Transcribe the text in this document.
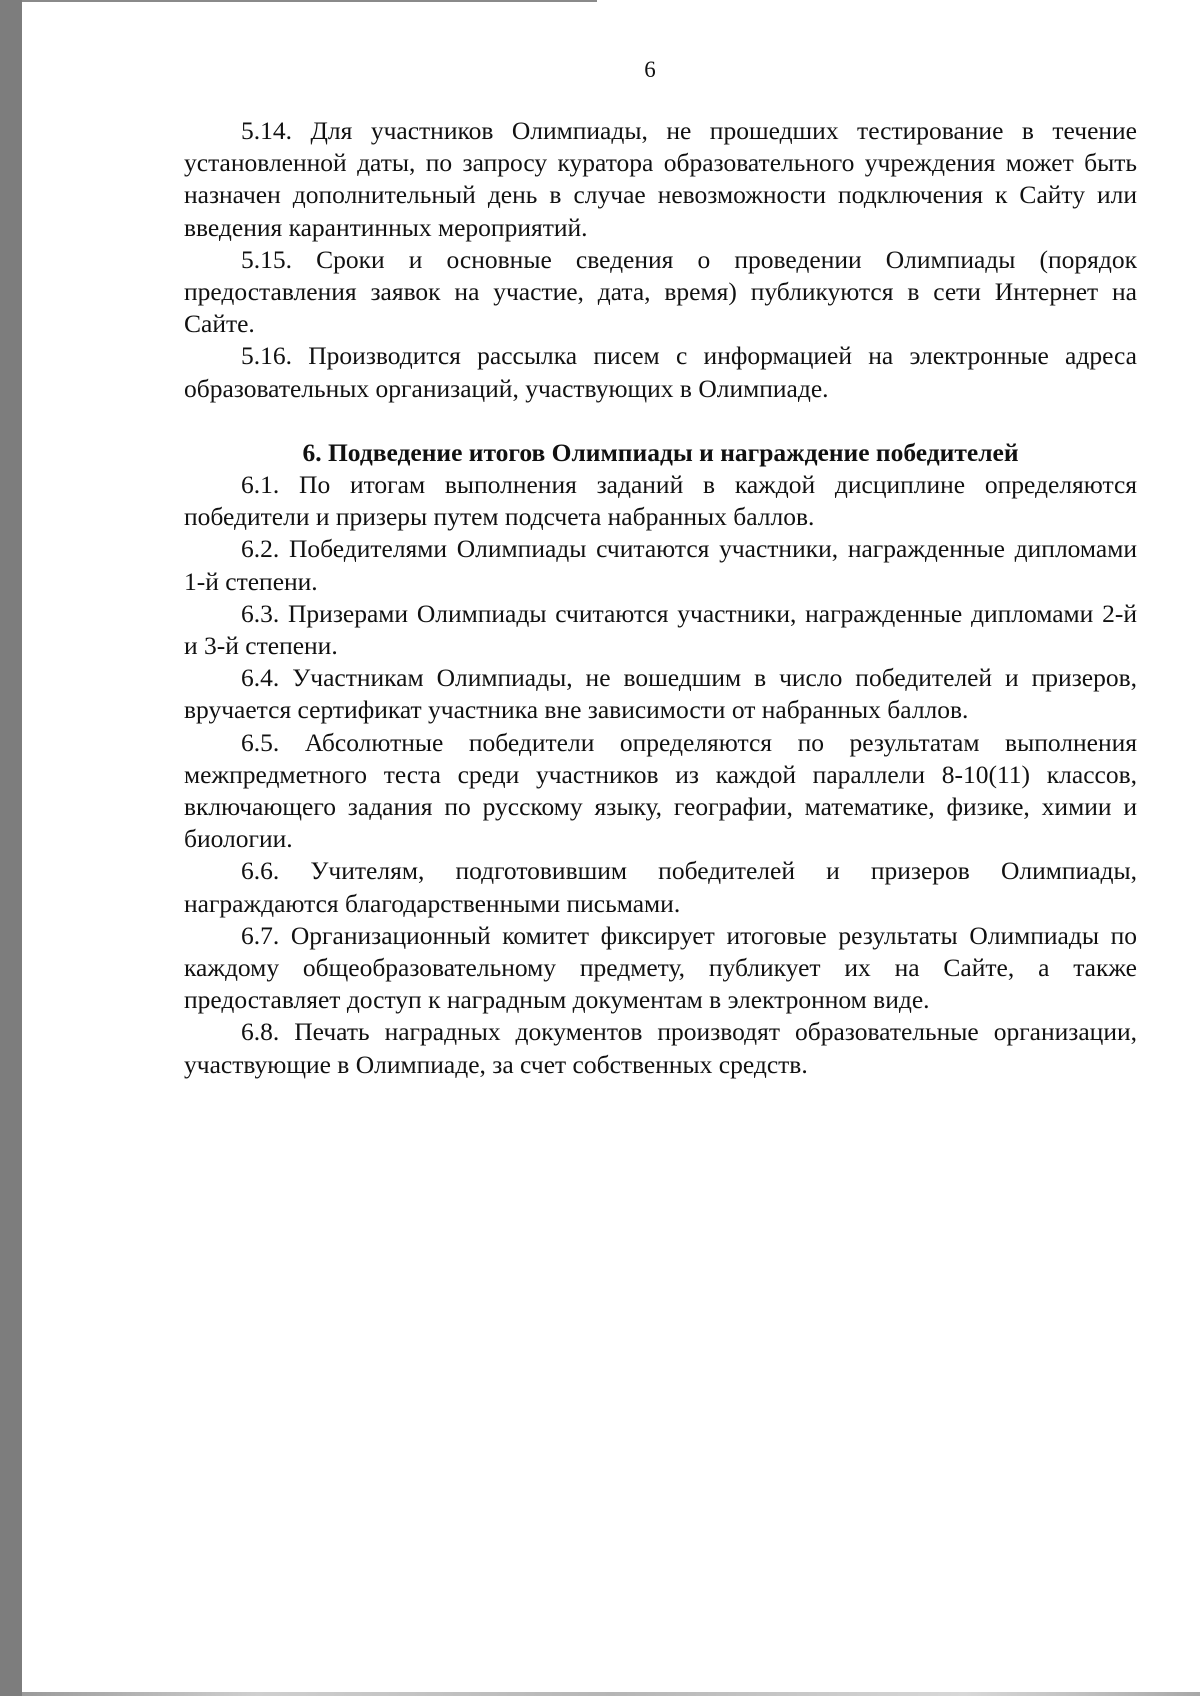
6

5.14. Для участников Олимпиады, не прошедших тестирование в течение установленной даты, по запросу куратора образовательного учреждения может быть назначен дополнительный день в случае невозможности подключения к Сайту или введения карантинных мероприятий.

5.15. Сроки и основные сведения о проведении Олимпиады (порядок предоставления заявок на участие, дата, время) публикуются в сети Интернет на Сайте.

5.16. Производится рассылка писем с информацией на электронные адреса образовательных организаций, участвующих в Олимпиаде.

6. Подведение итогов Олимпиады и награждение победителей

6.1. По итогам выполнения заданий в каждой дисциплине определяются победители и призеры путем подсчета набранных баллов.

6.2. Победителями Олимпиады считаются участники, награжденные дипломами 1-й степени.

6.3. Призерами Олимпиады считаются участники, награжденные дипломами 2-й и 3-й степени.

6.4. Участникам Олимпиады, не вошедшим в число победителей и призеров, вручается сертификат участника вне зависимости от набранных баллов.

6.5. Абсолютные победители определяются по результатам выполнения межпредметного теста среди участников из каждой параллели 8-10(11) классов, включающего задания по русскому языку, географии, математике, физике, химии и биологии.

6.6. Учителям, подготовившим победителей и призеров Олимпиады, награждаются благодарственными письмами.

6.7. Организационный комитет фиксирует итоговые результаты Олимпиады по каждому общеобразовательному предмету, публикует их на Сайте, а также предоставляет доступ к наградным документам в электронном виде.

6.8. Печать наградных документов производят образовательные организации, участвующие в Олимпиаде, за счет собственных средств.
